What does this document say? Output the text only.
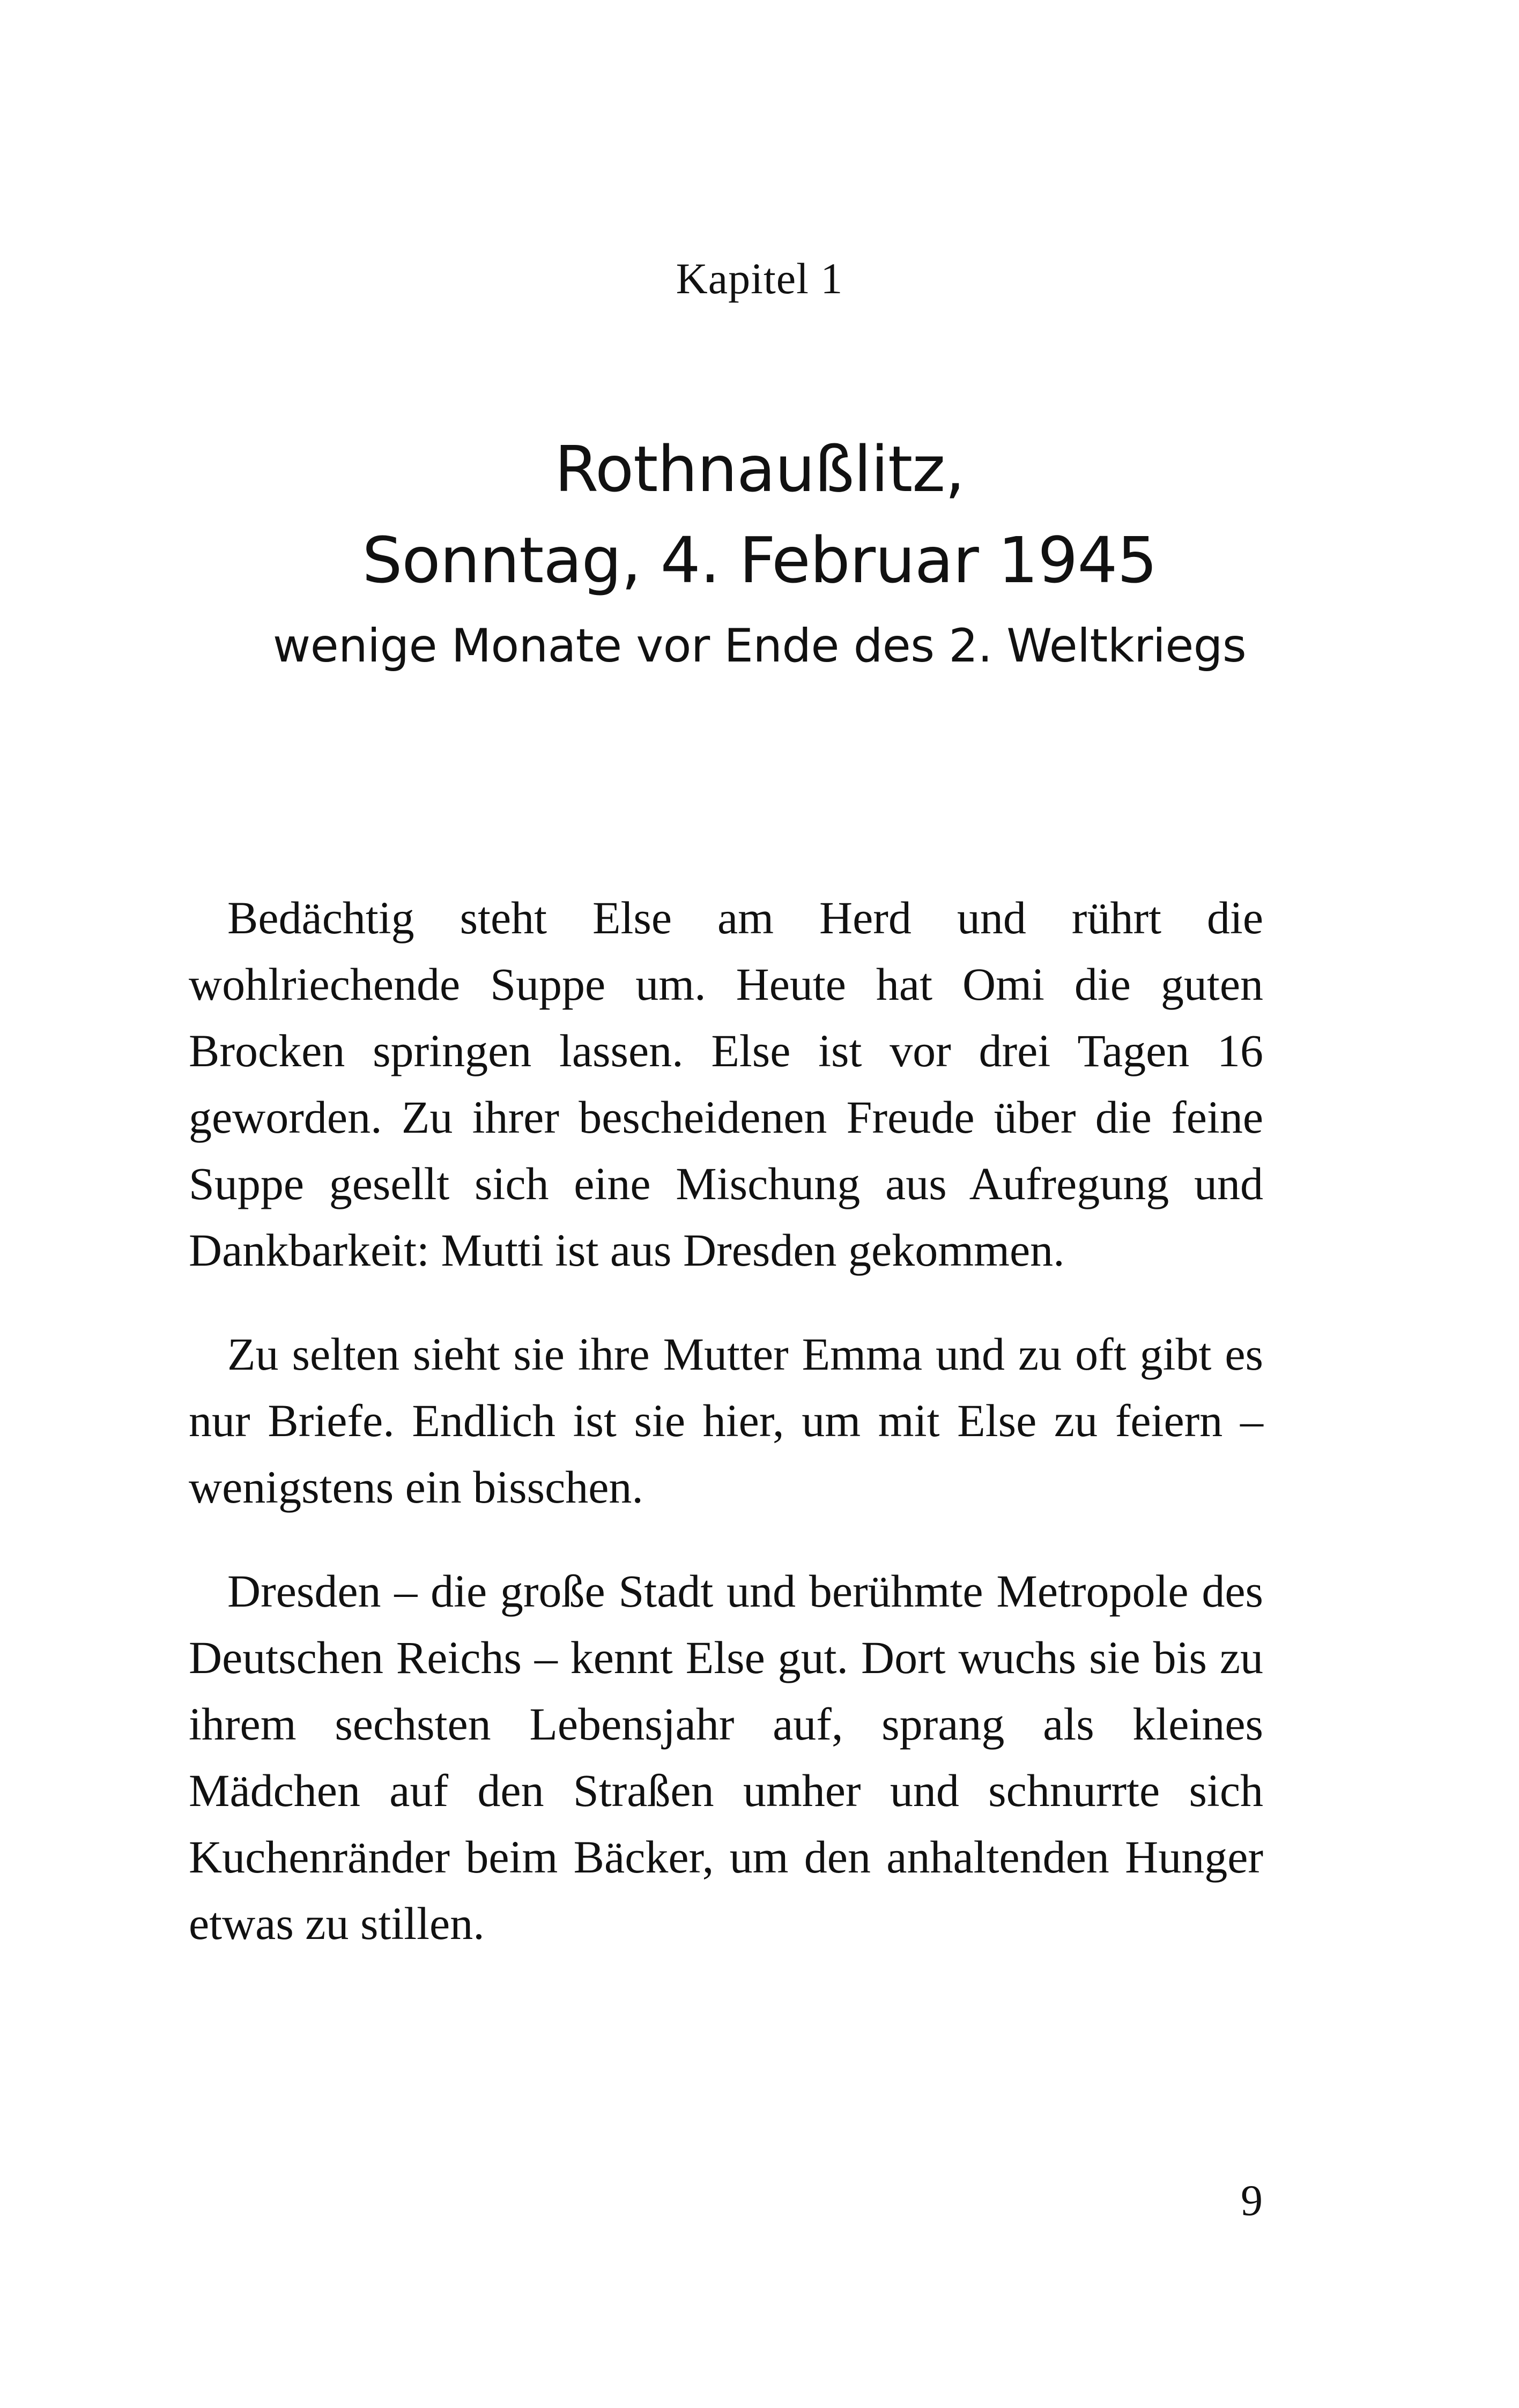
Kapitel 1
Rothnaußlitz,
Sonntag, 4. Februar 1945
wenige Monate vor Ende des 2. Weltkriegs

Bedächtig steht Else am Herd und rührt die wohlriechende Suppe um. Heute hat Omi die guten Brocken springen lassen. Else ist vor drei Tagen 16 geworden. Zu ihrer bescheidenen Freude über die feine Suppe gesellt sich eine Mischung aus Aufregung und Dankbarkeit: Mutti ist aus Dresden gekommen.

Zu selten sieht sie ihre Mutter Emma und zu oft gibt es nur Briefe. Endlich ist sie hier, um mit Else zu feiern – wenigstens ein bisschen.

Dresden – die große Stadt und berühmte Metropole des Deutschen Reichs – kennt Else gut. Dort wuchs sie bis zu ihrem sechsten Lebensjahr auf, sprang als kleines Mädchen auf den Straßen umher und schnurrte sich Kuchenränder beim Bäcker, um den anhaltenden Hunger etwas zu stillen.

9
